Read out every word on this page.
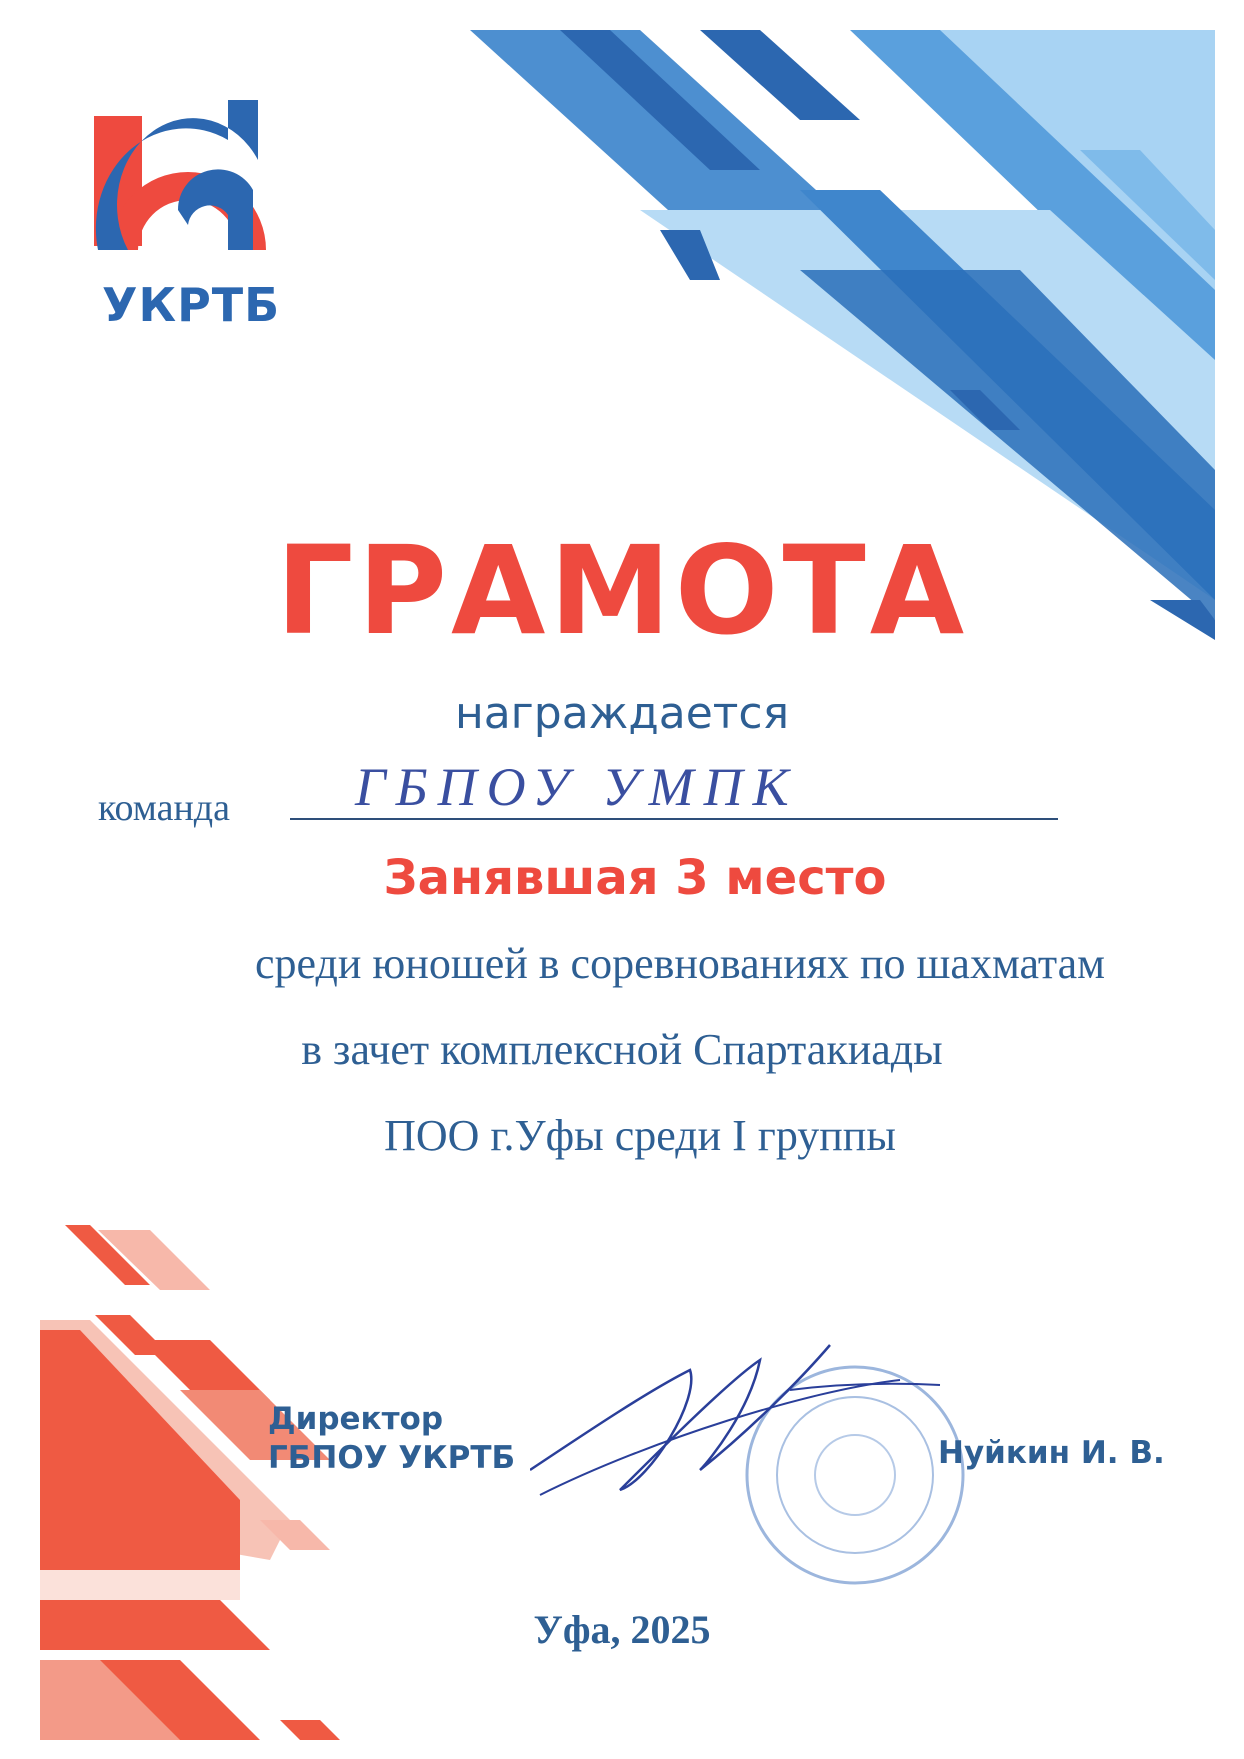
УКРТБ
ГРАМОТА
награждается
команда ГБПОУ УМПК
Занявшая 3 место
среди юношей в соревнованиях по шахматам
в зачет комплексной Спартакиады
ПОО г.Уфы среди I группы
Директор
ГБПОУ УКРТБ	Нуйкин И. В.
Уфа, 2025
